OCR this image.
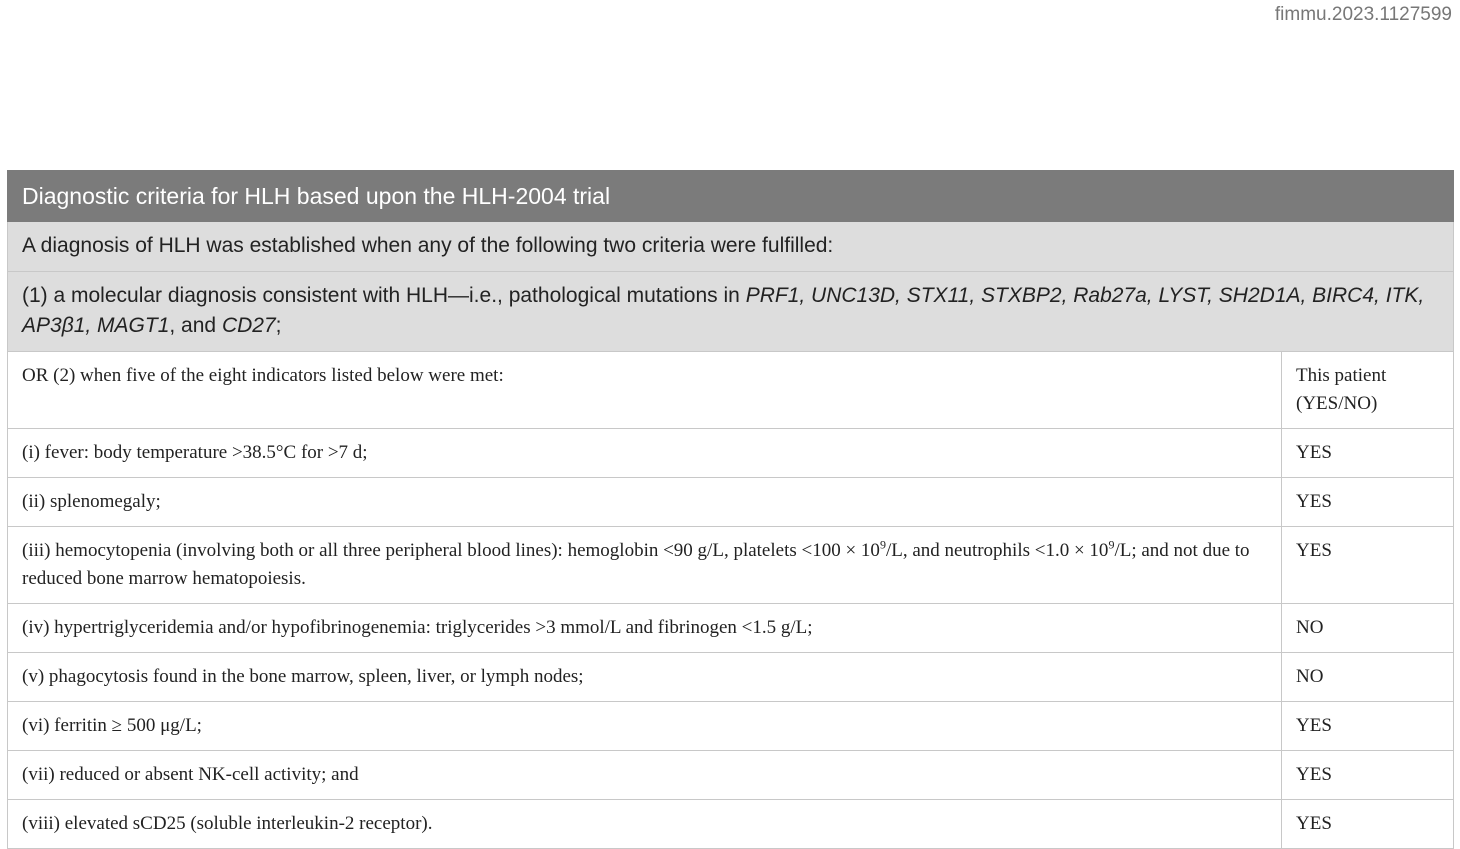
fimmu.2023.1127599
Diagnostic criteria for HLH based upon the HLH-2004 trial	
A diagnosis of HLH was established when any of the following two criteria were fulfilled:	
(1) a molecular diagnosis consistent with HLH—i.e., pathological mutations in PRF1, UNC13D, STX11, STXBP2, Rab27a, LYST, SH2D1A, BIRC4, ITK, AP3β1, MAGT1, and CD27;	
OR (2) when five of the eight indicators listed below were met:	This patient (YES/NO)
(i) fever: body temperature >38.5°C for >7 d;	YES
(ii) splenomegaly;	YES
(iii) hemocytopenia (involving both or all three peripheral blood lines): hemoglobin <90 g/L, platelets $<100 \times 10^9/L$, and neutrophils $<1.0 \times 10^9/L$; and not due to reduced bone marrow hematopoiesis.	YES
(iv) hypertriglyceridemia and/or hypofibrinogenemia: triglycerides >3 mmol/L and fibrinogen <1.5 g/L;	NO
(v) phagocytosis found in the bone marrow, spleen, liver, or lymph nodes;	NO
(vi) ferritin ≥ 500 μg/L;	YES
(vii) reduced or absent NK-cell activity; and	YES
(viii) elevated sCD25 (soluble interleukin-2 receptor).	YES
